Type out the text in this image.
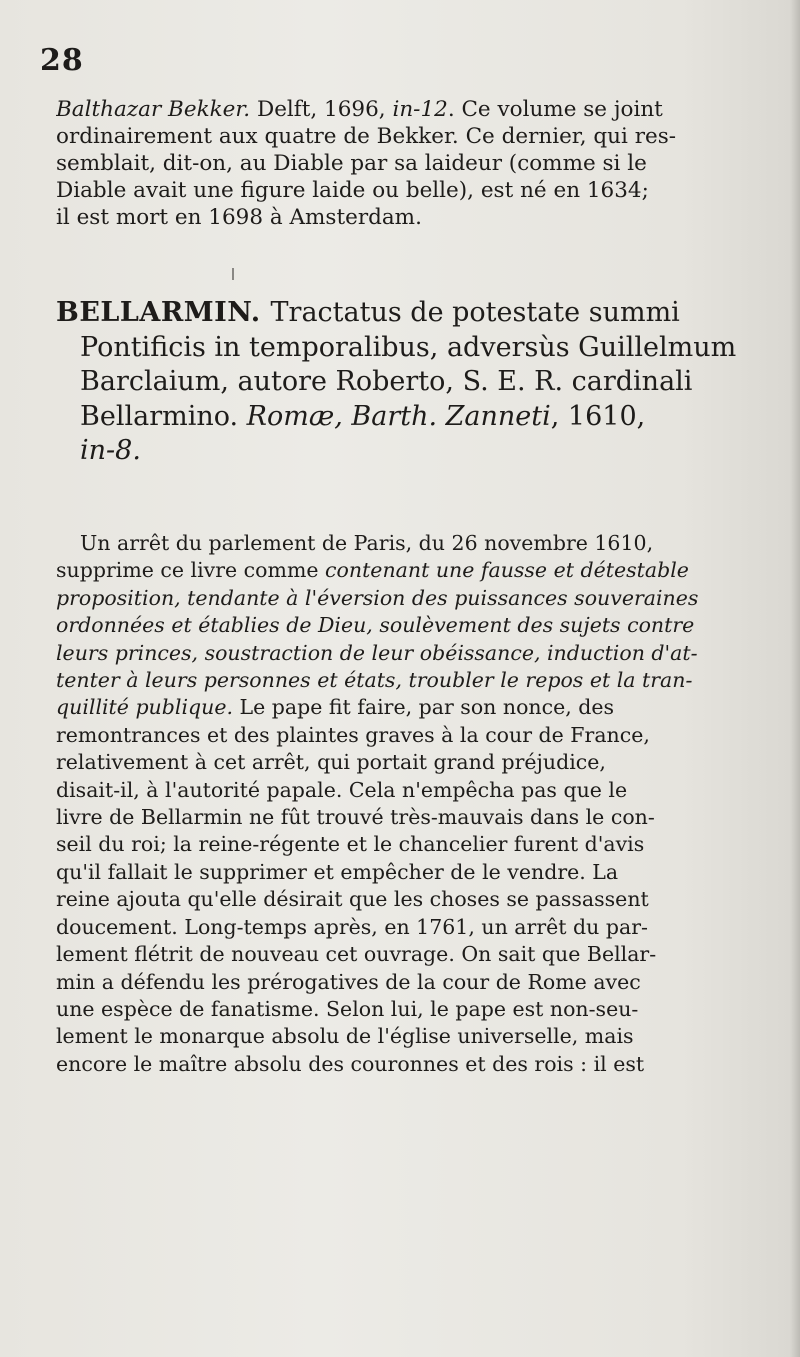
28
Balthazar Bekker. Delft, 1696, in-12. Ce volume se joint
ordinairement aux quatre de Bekker. Ce dernier, qui res-
semblait, dit-on, au Diable par sa laideur (comme si le
Diable avait une figure laide ou belle), est né en 1634;
il est mort en 1698 à Amsterdam.
BELLARMIN. Tractatus de potestate summi
Pontificis in temporalibus, adversùs Guillelmum
Barclaium, autore Roberto, S. E. R. cardinali
Bellarmino. Romæ, Barth. Zanneti, 1610,
in-8.
Un arrêt du parlement de Paris, du 26 novembre 1610,
supprime ce livre comme contenant une fausse et détestable
proposition, tendante à l'éversion des puissances souveraines
ordonnées et établies de Dieu, soulèvement des sujets contre
leurs princes, soustraction de leur obéissance, induction d'at-
tenter à leurs personnes et états, troubler le repos et la tran-
quillité publique. Le pape fit faire, par son nonce, des
remontrances et des plaintes graves à la cour de France,
relativement à cet arrêt, qui portait grand préjudice,
disait-il, à l'autorité papale. Cela n'empêcha pas que le
livre de Bellarmin ne fût trouvé très-mauvais dans le con-
seil du roi; la reine-régente et le chancelier furent d'avis
qu'il fallait le supprimer et empêcher de le vendre. La
reine ajouta qu'elle désirait que les choses se passassent
doucement. Long-temps après, en 1761, un arrêt du par-
lement flétrit de nouveau cet ouvrage. On sait que Bellar-
min a défendu les prérogatives de la cour de Rome avec
une espèce de fanatisme. Selon lui, le pape est non-seu-
lement le monarque absolu de l'église universelle, mais
encore le maître absolu des couronnes et des rois : il est
